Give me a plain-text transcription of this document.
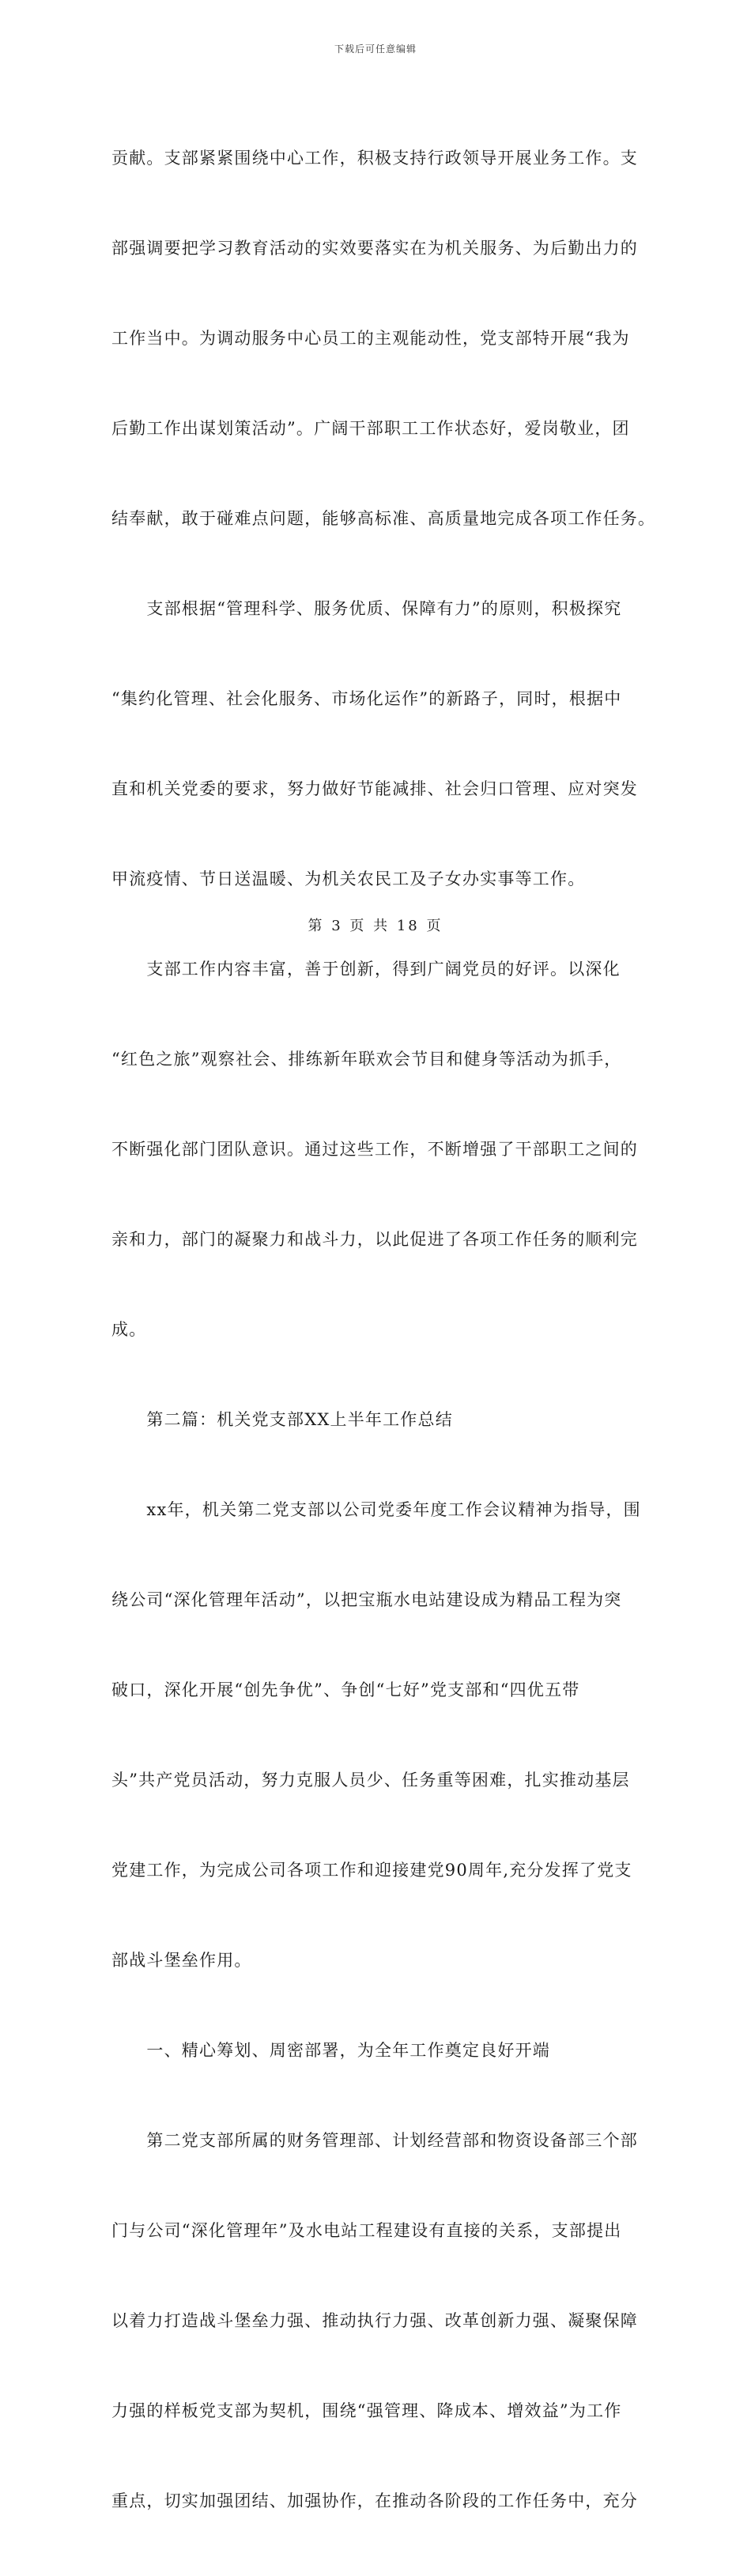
下载后可任意编辑

贡献。支部紧紧围绕中心工作，积极支持行政领导开展业务工作。支

部强调要把学习教育活动的实效要落实在为机关服务、为后勤出力的

工作当中。为调动服务中心员工的主观能动性，党支部特开展“我为

后勤工作出谋划策活动”。广阔干部职工工作状态好，爱岗敬业，团

结奉献，敢于碰难点问题，能够高标准、高质量地完成各项工作任务。

　　支部根据“管理科学、服务优质、保障有力”的原则，积极探究

“集约化管理、社会化服务、市场化运作”的新路子，同时，根据中

直和机关党委的要求，努力做好节能减排、社会归口管理、应对突发

甲流疫情、节日送温暖、为机关农民工及子女办实事等工作。

　　支部工作内容丰富，善于创新，得到广阔党员的好评。以深化

“红色之旅”观察社会、排练新年联欢会节目和健身等活动为抓手，

不断强化部门团队意识。通过这些工作，不断增强了干部职工之间的

亲和力，部门的凝聚力和战斗力，以此促进了各项工作任务的顺利完

成。

　　第二篇：机关党支部XX上半年工作总结

　　xx年，机关第二党支部以公司党委年度工作会议精神为指导，围

绕公司“深化管理年活动”，以把宝瓶水电站建设成为精品工程为突

破口，深化开展“创先争优”、争创“七好”党支部和“四优五带

头”共产党员活动，努力克服人员少、任务重等困难，扎实推动基层

党建工作，为完成公司各项工作和迎接建党90周年,充分发挥了党支

部战斗堡垒作用。

　　一、精心筹划、周密部署，为全年工作奠定良好开端

　　第二党支部所属的财务管理部、计划经营部和物资设备部三个部

门与公司“深化管理年”及水电站工程建设有直接的关系，支部提出

以着力打造战斗堡垒力强、推动执行力强、改革创新力强、凝聚保障

力强的样板党支部为契机，围绕“强管理、降成本、增效益”为工作

重点，切实加强团结、加强协作，在推动各阶段的工作任务中，充分

第 3 页 共 18 页
